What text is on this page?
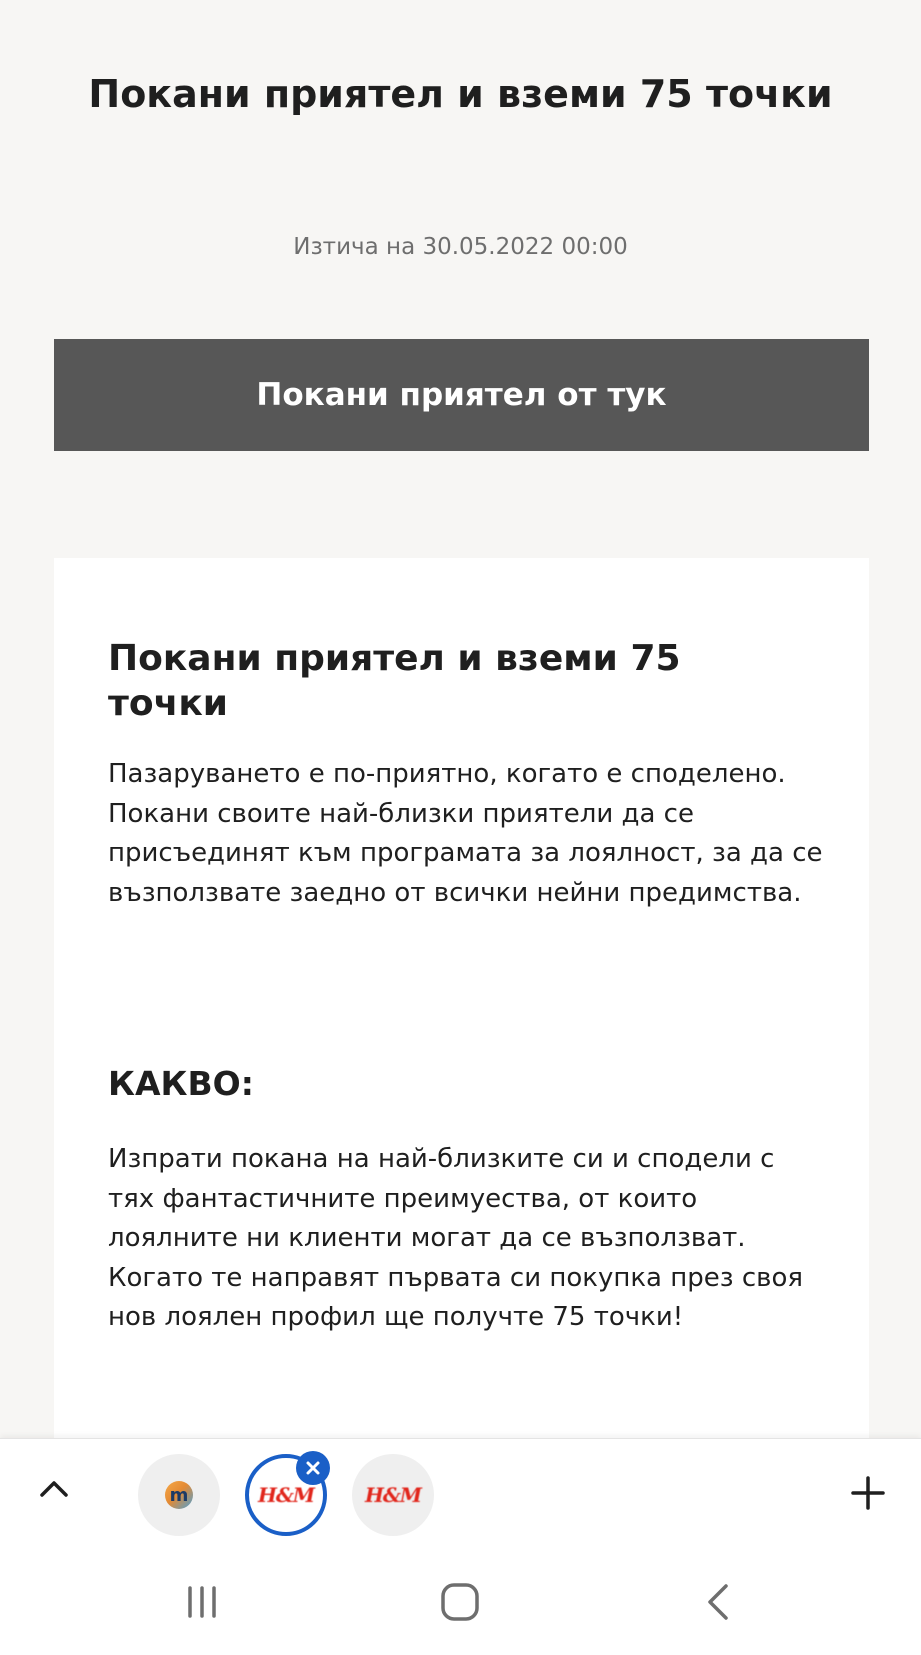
Покани приятел и вземи 75 точки
Изтича на 30.05.2022 00:00
Покани приятел от тук
Покани приятел и вземи 75 точки

Пазаруването е по-приятно, когато е споделено. Покани своите най-близки приятели да се присъединят към програмата за лоялност, за да се възползвате заедно от всички нейни предимства.

КАКВО:

Изпрати покана на най-близките си и сподели с тях фантастичните преимуества, от които лоялните ни клиенти могат да се възползват. Когато те направят първата си покупка през своя нов лоялен профил ще получте 75 точки!

m	H&M	H&M
